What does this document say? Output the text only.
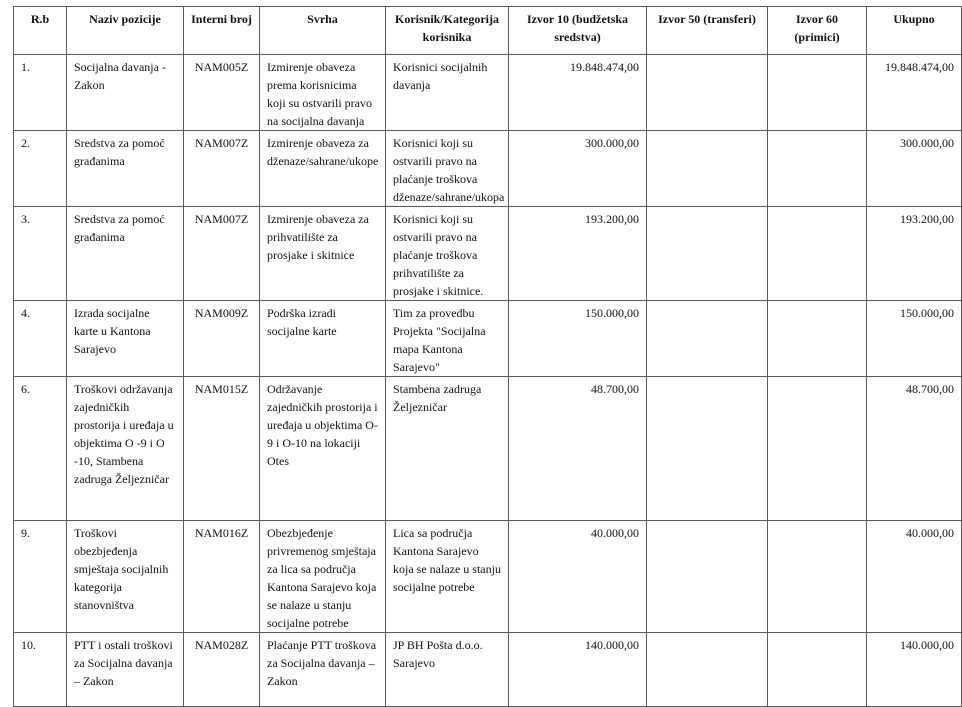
R.b	Naziv pozicije	Interni broj	Svrha	Korisnik/Kategorija korisnika	Izvor 10 (budžetska sredstva)	Izvor 50 (transferi)	Izvor 60 (primici)	Ukupno
1.	Socijalna davanja - Zakon	NAM005Z	Izmirenje obaveza prema korisnicima koji su ostvarili pravo na socijalna davanja	Korisnici socijalnih davanja	19.848.474,00			19.848.474,00
2.	Sredstva za pomoć građanima	NAM007Z	Izmirenje obaveza za dženaze/sahrane/ukope	Korisnici koji su ostvarili pravo na plaćanje troškova dženaze/sahrane/ukopa	300.000,00			300.000,00
3.	Sredstva za pomoć građanima	NAM007Z	Izmirenje obaveza za prihvatilište za prosjake i skitnice	Korisnici koji su ostvarili pravo na plaćanje troškova prihvatilište za prosjake i skitnice.	193.200,00			193.200,00
4.	Izrada socijalne karte u Kantona Sarajevo	NAM009Z	Podrška izradi socijalne karte	Tim za provedbu Projekta "Socijalna mapa Kantona Sarajevo"	150.000,00			150.000,00
6.	Troškovi održavanja zajedničkih prostorija i uređaja u objektima O -9 i O -10, Stambena zadruga Željezničar	NAM015Z	Održavanje zajedničkih prostorija i uređaja u objektima O-9 i O-10 na lokaciji Otes	Stambena zadruga Željezničar	48.700,00			48.700,00
9.	Troškovi obezbjeđenja smještaja socijalnih kategorija stanovništva	NAM016Z	Obezbjeđenje privremenog smještaja za lica sa područja Kantona Sarajevo koja se nalaze u stanju socijalne potrebe	Lica sa područja Kantona Sarajevo koja se nalaze u stanju socijalne potrebe	40.000,00			40.000,00
10.	PTT i ostali troškovi za Socijalna davanja – Zakon	NAM028Z	Plaćanje PTT troškova za Socijalna davanja – Zakon	JP BH Pošta d.o.o. Sarajevo	140.000,00			140.000,00
